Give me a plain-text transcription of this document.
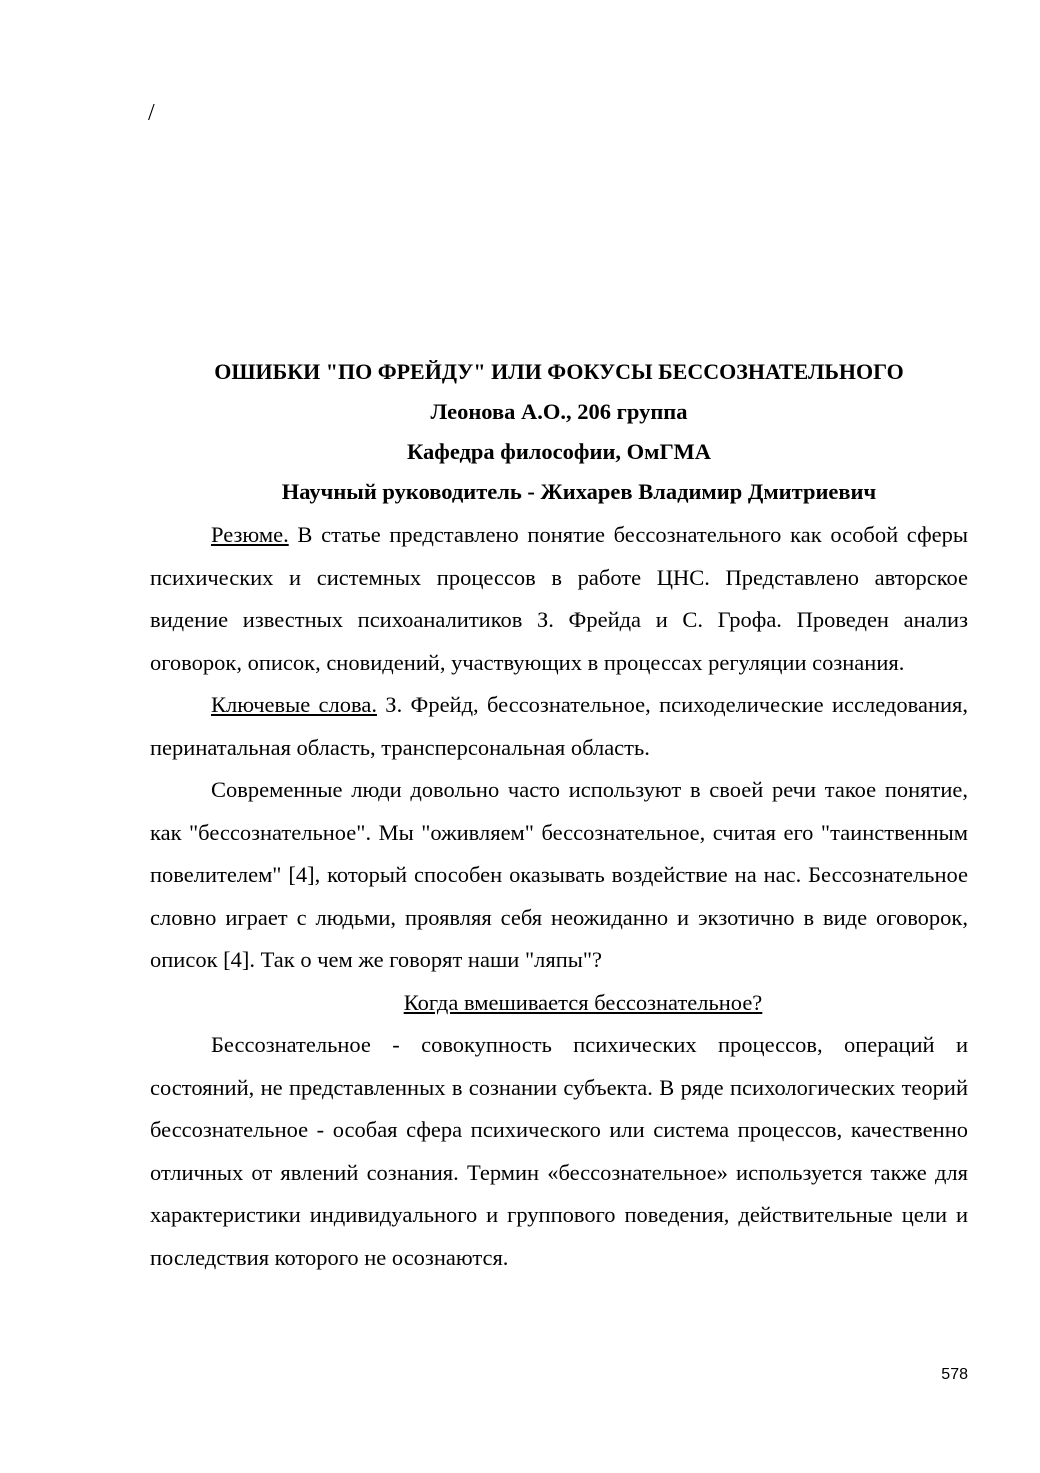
/

ОШИБКИ "ПО ФРЕЙДУ" ИЛИ ФОКУСЫ БЕССОЗНАТЕЛЬНОГО

Леонова А.О., 206 группа

Кафедра философии, ОмГМА

Научный руководитель - Жихарев Владимир Дмитриевич

Резюме. В статье представлено понятие бессознательного как особой сферы психических и системных процессов в работе ЦНС. Представлено авторское видение известных психоаналитиков З. Фрейда и С. Грофа. Проведен анализ оговорок, описок, сновидений, участвующих в процессах регуляции сознания.

Ключевые слова. З. Фрейд, бессознательное, психоделические исследования, перинатальная область, трансперсональная область.

Современные люди довольно часто используют в своей речи такое понятие, как "бессознательное". Мы "оживляем" бессознательное, считая его "таинственным повелителем" [4], который способен оказывать воздействие на нас. Бессознательное словно играет с людьми, проявляя себя неожиданно и экзотично в виде оговорок, описок [4]. Так о чем же говорят наши "ляпы"?

Когда вмешивается бессознательное?

Бессознательное - совокупность психических процессов, операций и состояний, не представленных в сознании субъекта. В ряде психологических теорий бессознательное - особая сфера психического или система процессов, качественно отличных от явлений сознания. Термин «бессознательное» используется также для характеристики индивидуального и группового поведения, действительные цели и последствия которого не осознаются.

578
